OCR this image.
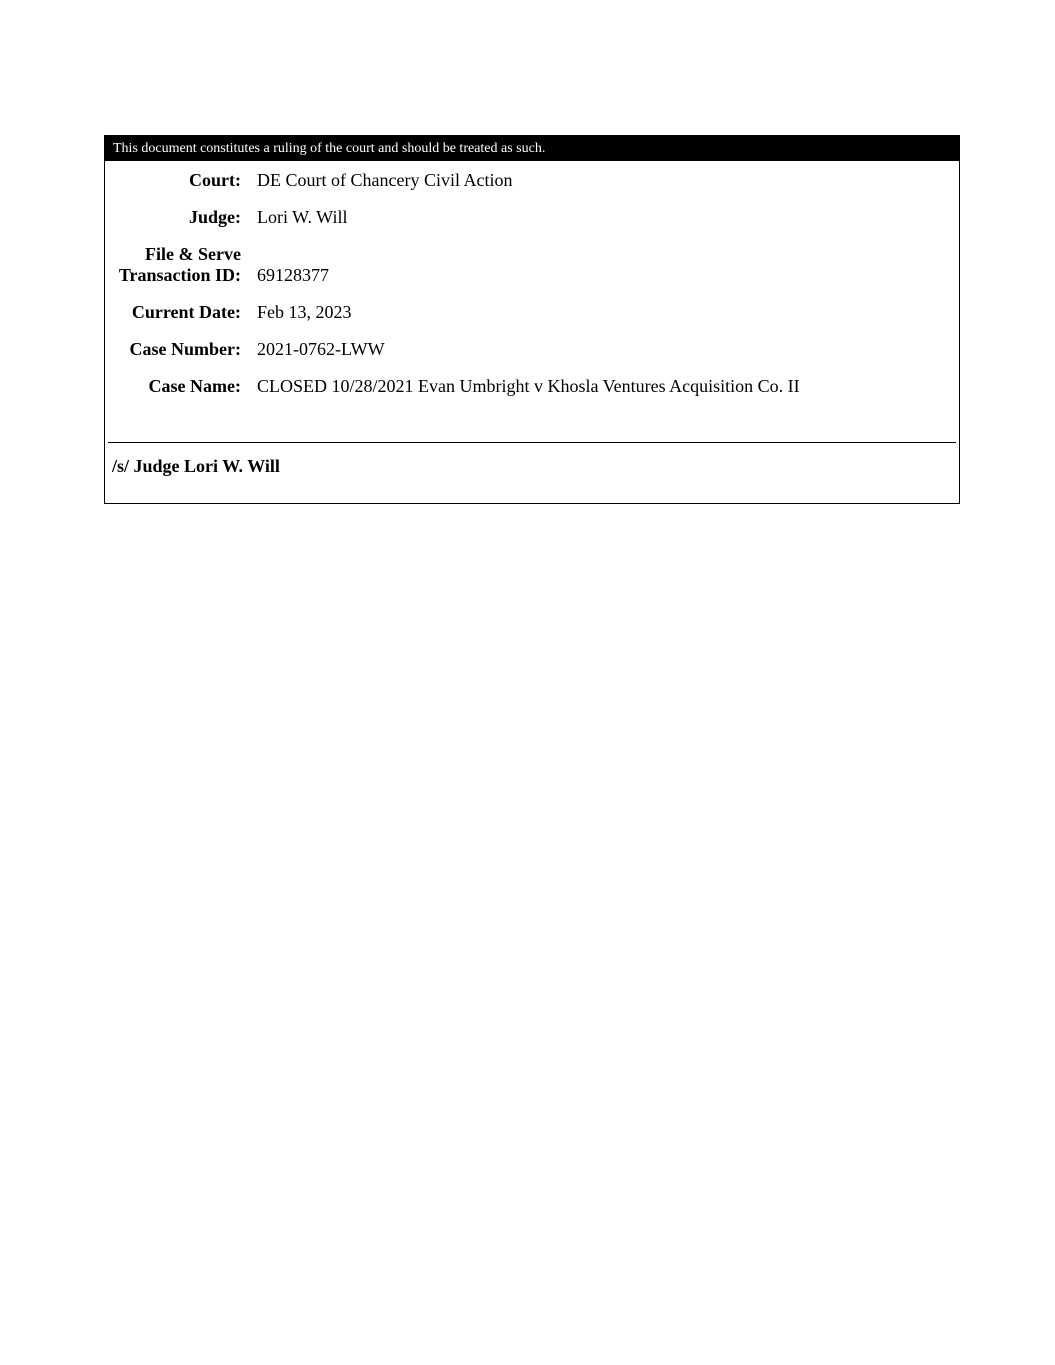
This document constitutes a ruling of the court and should be treated as such.
Court: DE Court of Chancery Civil Action
Judge: Lori W. Will
File & Serve
Transaction ID: 69128377
Current Date: Feb 13, 2023
Case Number: 2021-0762-LWW
Case Name: CLOSED 10/28/2021 Evan Umbright v Khosla Ventures Acquisition Co. II
/s/ Judge Lori W. Will
